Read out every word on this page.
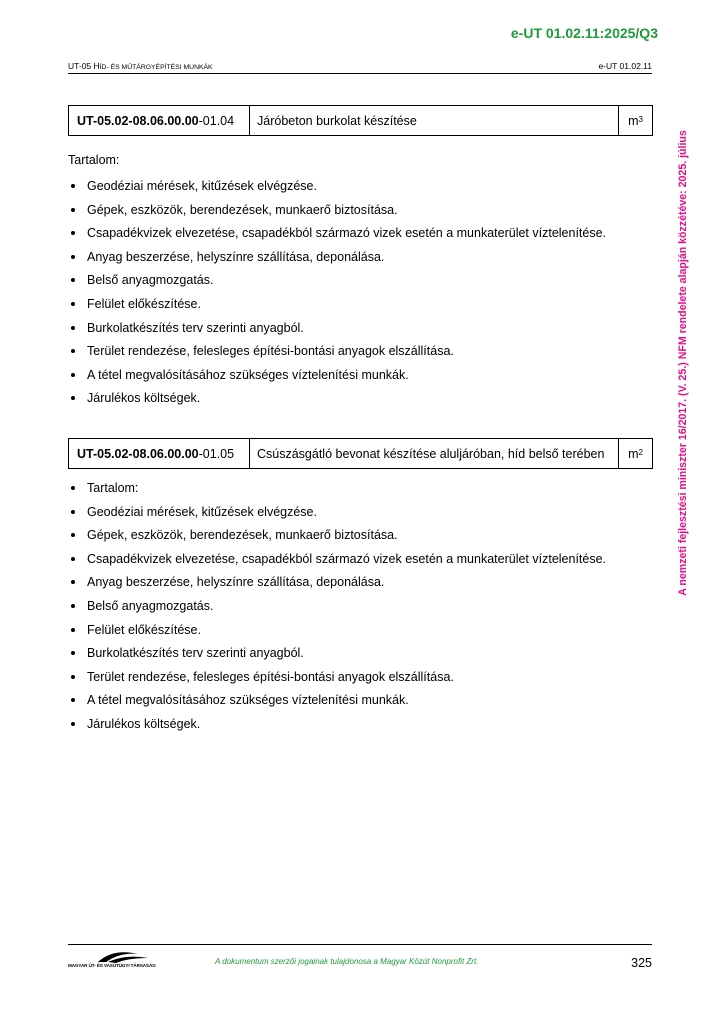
e-UT 01.02.11:2025/Q3
UT-05 HÍD- ÉS MŰTÁRGYÉPÍTÉSI MUNKÁK	e-UT 01.02.11
A nemzeti fejlesztési miniszter 16/2017. (V. 25.) NFM rendelete alapján közzétéve: 2025. július
UT-05.02-08.06.00.00 -01.04	Járóbeton burkolat készítése	$m^3$
Tartalom:
Geodéziai mérések, kitűzések elvégzése.
Gépek, eszközök, berendezések, munkaerő biztosítása.
Csapadékvizek elvezetése, csapadékból származó vizek esetén a munkaterület víztelenítése.
Anyag beszerzése, helyszínre szállítása, deponálása.
Belső anyagmozgatás.
Felület előkészítése.
Burkolatkészítés terv szerinti anyagból.
Terület rendezése, felesleges építési-bontási anyagok elszállítása.
A tétel megvalósításához szükséges víztelenítési munkák.
Járulékos költségek.
UT-05.02-08.06.00.00 -01.05	Csúszásgátló bevonat készítése aluljáróban, híd belső terében	$m^2$
Tartalom:
Geodéziai mérések, kitűzések elvégzése.
Gépek, eszközök, berendezések, munkaerő biztosítása.
Csapadékvizek elvezetése, csapadékból származó vizek esetén a munkaterület víztelenítése.
Anyag beszerzése, helyszínre szállítása, deponálása.
Belső anyagmozgatás.
Felület előkészítése.
Burkolatkészítés terv szerinti anyagból.
Terület rendezése, felesleges építési-bontási anyagok elszállítása.
A tétel megvalósításához szükséges víztelenítési munkák.
Járulékos költségek.
MAGYAR ÚT- ÉS VASÚTÜGYI TÁRSASÁG	A dokumentum szerzői jogainak tulajdonosa a Magyar Közút Nonprofit Zrt.	325
